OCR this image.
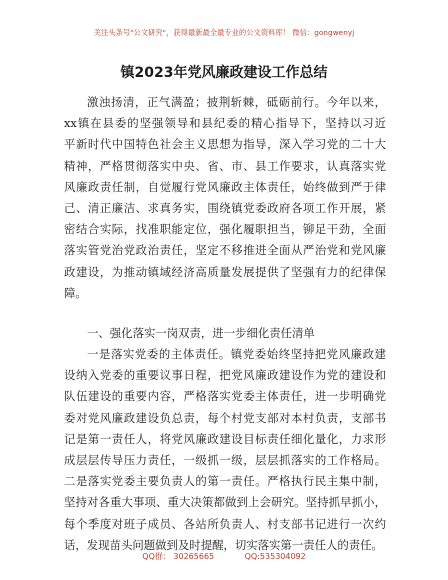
关注头条号"公文研究"，获得最新最全最专业的公文资料库！ 微信：gongwenyj
镇2023年党风廉政建设工作总结
激浊扬清，正气满盈；披荆斩棘，砥砺前行。今年以来，
xx镇在县委的坚强领导和县纪委的精心指导下，坚持以习近
平新时代中国特色社会主义思想为指导，深入学习党的二十大
精神，严格贯彻落实中央、省、市、县工作要求，认真落实党
风廉政责任制，自觉履行党风廉政主体责任，始终做到严于律
己、清正廉洁、求真务实，围绕镇党委政府各项工作开展，紧
密结合实际，找准职能定位，强化履职担当，铆足干劲，全面
落实管党治党政治责任，坚定不移推进全面从严治党和党风廉
政建设，为推动镇域经济高质量发展提供了坚强有力的纪律保
障。
一、强化落实一岗双责，进一步细化责任清单
一是落实党委的主体责任。镇党委始终坚持把党风廉政建
设纳入党委的重要议事日程，把党风廉政建设作为党的建设和
队伍建设的重要内容，严格落实党委主体责任，进一步明确党
委对党风廉政建设负总责，每个村党支部对本村负责，支部书
记是第一责任人，将党风廉政建设目标责任细化量化，力求形
成层层传导压力责任，一级抓一级，层层抓落实的工作格局。
二是落实党委主要负责人的第一责任。严格执行民主集中制，
坚持对各重大事项、重大决策都做到上会研究。坚持抓早抓小，
每个季度对班子成员、各站所负责人、村支部书记进行一次约
话，发现苗头问题做到及时提醒，切实落实第一责任人的责任。
QQ群： 30265665            QQ:535304092
